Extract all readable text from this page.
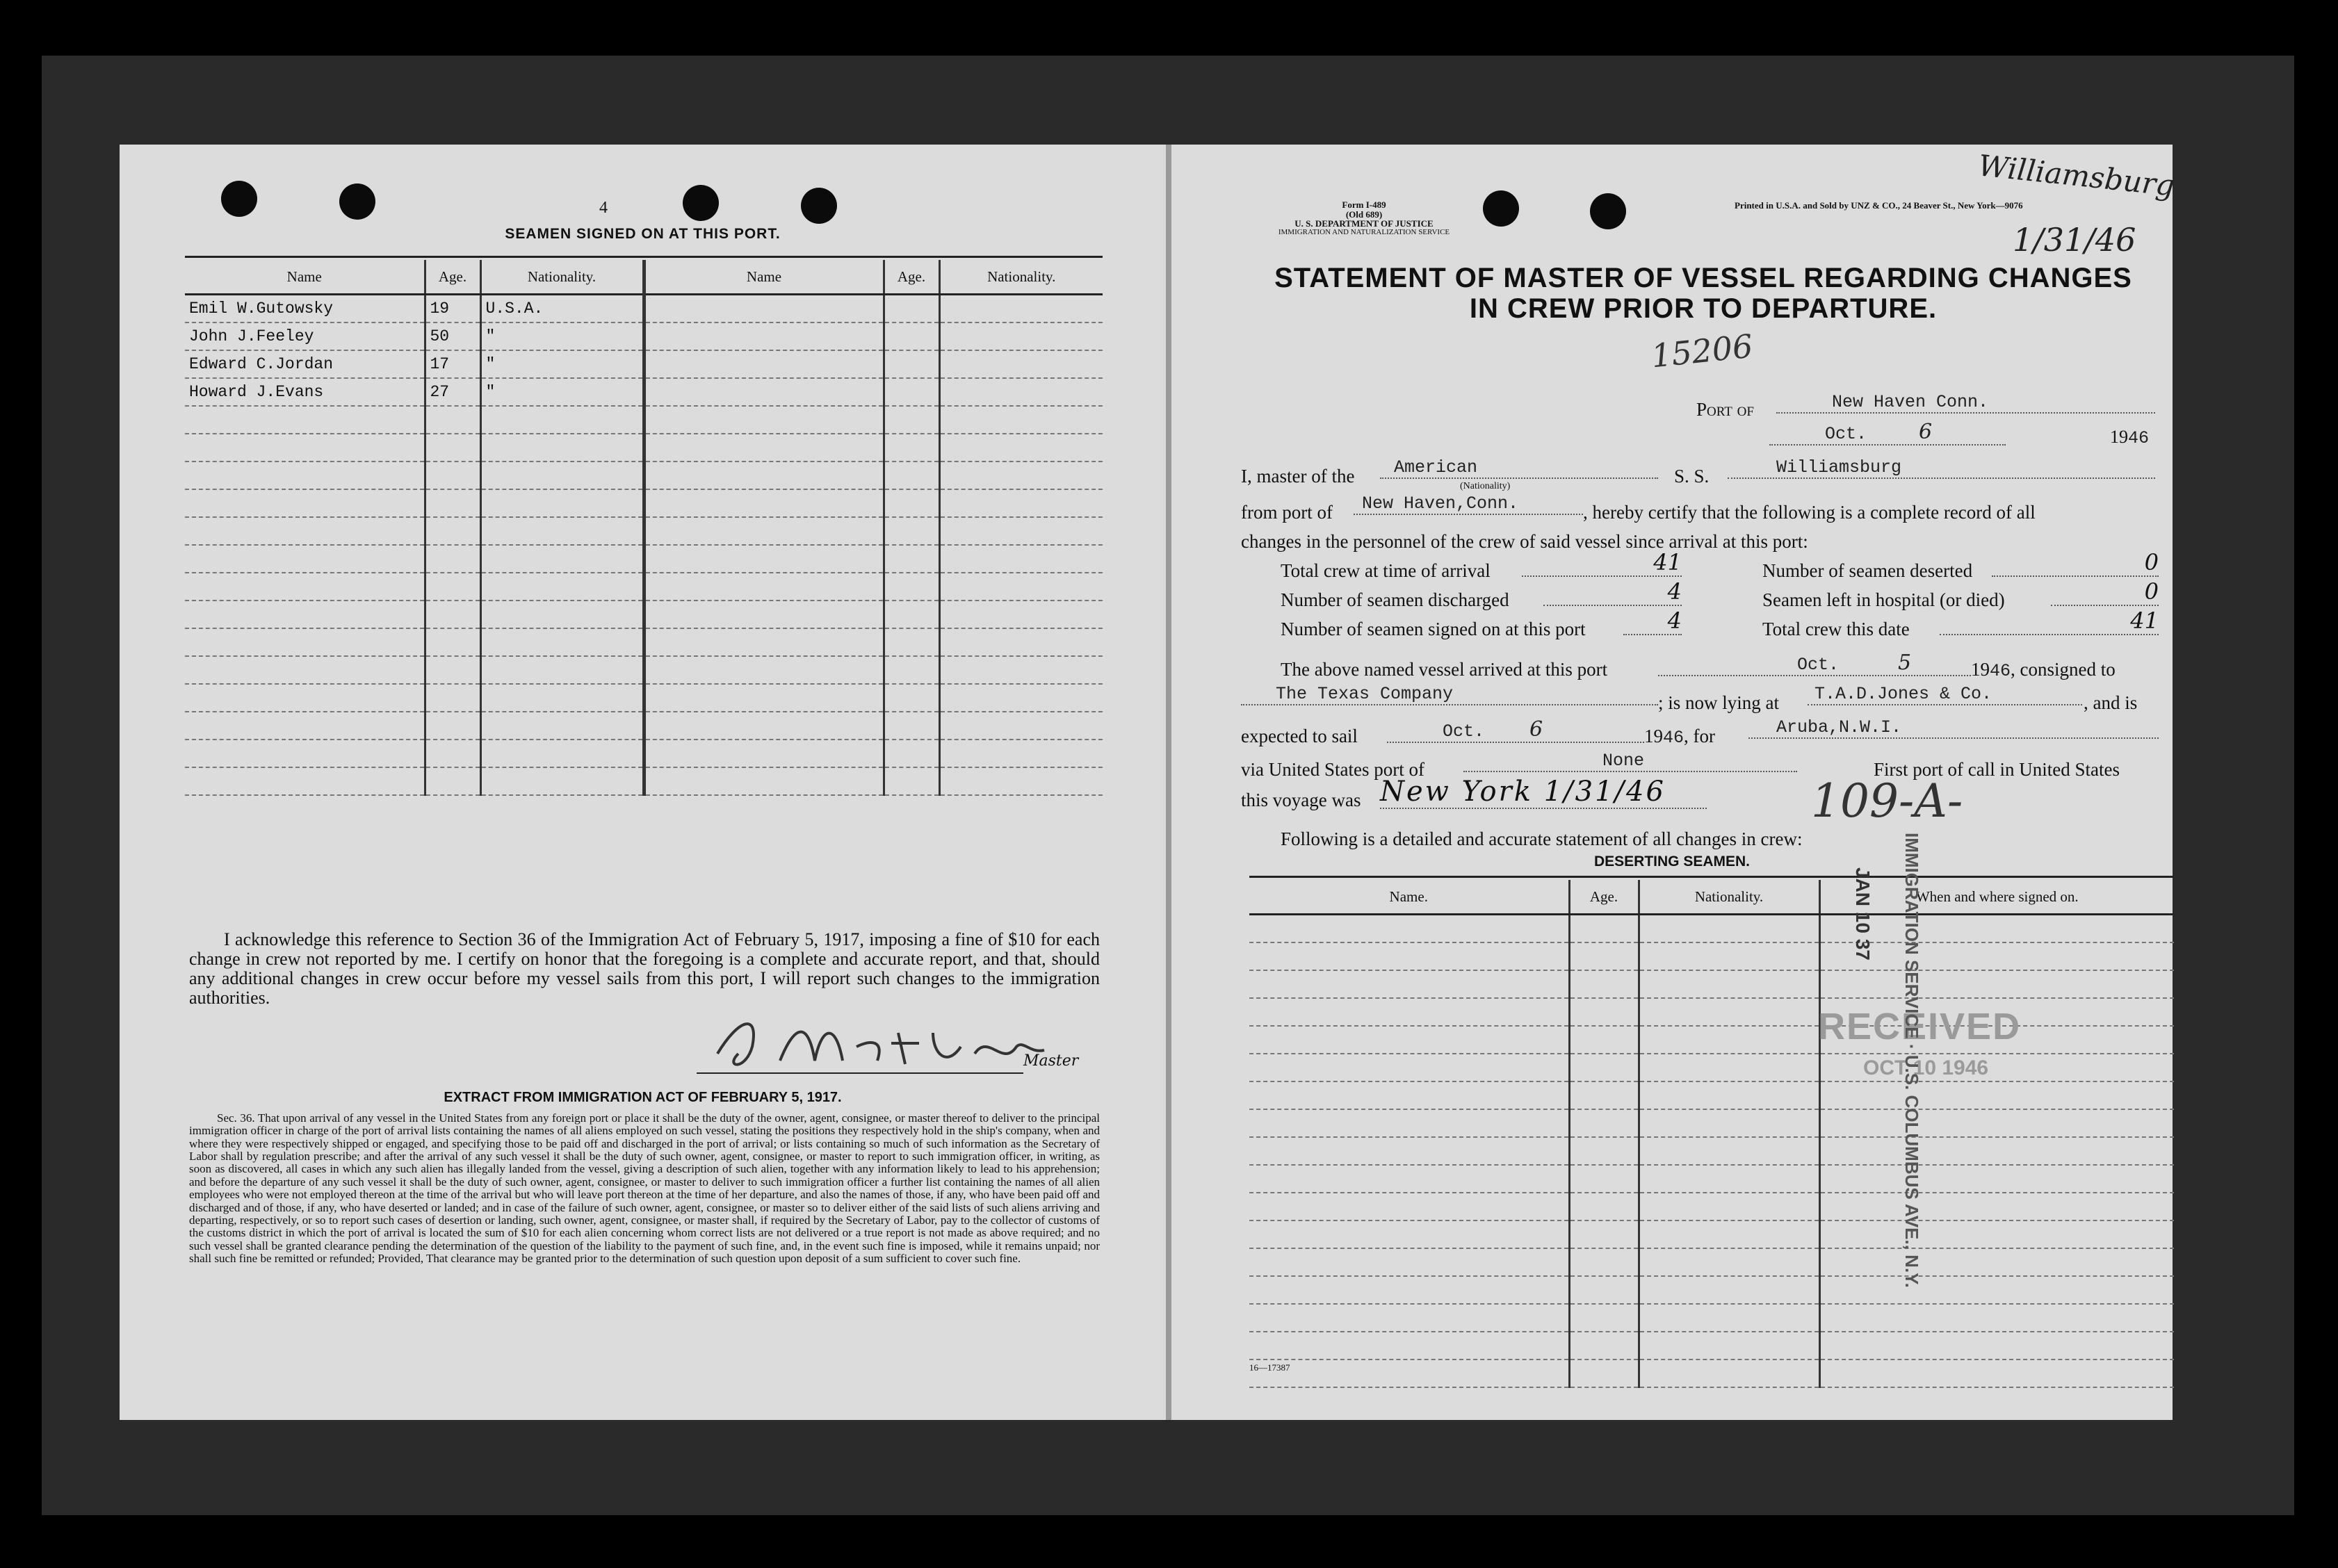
4
SEAMEN SIGNED ON AT THIS PORT.
Name	Age.	Nationality.	Name	Age.	Nationality.
Emil W.Gutowsky	19	U.S.A.			
John J.Feeley	50	"			
Edward C.Jordan	17	"			
Howard J.Evans	27	"			

I acknowledge this reference to Section 36 of the Immigration Act of February 5, 1917, imposing a fine of $10 for each change in crew not reported by me. I certify on honor that the foregoing is a complete and accurate report, and that, should any additional changes in crew occur before my vessel sails from this port, I will report such changes to the immigration authorities.
Master
EXTRACT FROM IMMIGRATION ACT OF FEBRUARY 5, 1917.
Sec. 36. That upon arrival of any vessel in the United States from any foreign port or place it shall be the duty of the owner, agent, consignee, or master thereof to deliver to the principal immigration officer in charge of the port of arrival lists containing the names of all aliens employed on such vessel, stating the positions they respectively hold in the ship's company, when and where they were respectively shipped or engaged, and specifying those to be paid off and discharged in the port of arrival; or lists containing so much of such information as the Secretary of Labor shall by regulation prescribe; and after the arrival of any such vessel it shall be the duty of such owner, agent, consignee, or master to report to such immigration officer, in writing, as soon as discovered, all cases in which any such alien has illegally landed from the vessel, giving a description of such alien, together with any information likely to lead to his apprehension; and before the departure of any such vessel it shall be the duty of such owner, agent, consignee, or master to deliver to such immigration officer a further list containing the names of all alien employees who were not employed thereon at the time of the arrival but who will leave port thereon at the time of her departure, and also the names of those, if any, who have been paid off and discharged and of those, if any, who have deserted or landed; and in case of the failure of such owner, agent, consignee, or master so to deliver either of the said lists of such aliens arriving and departing, respectively, or so to report such cases of desertion or landing, such owner, agent, consignee, or master shall, if required by the Secretary of Labor, pay to the collector of customs of the customs district in which the port of arrival is located the sum of $10 for each alien concerning whom correct lists are not delivered or a true report is not made as above required; and no such vessel shall be granted clearance pending the determination of the question of the liability to the payment of such fine, and, in the event such fine is imposed, while it remains unpaid; nor shall such fine be remitted or refunded; Provided, That clearance may be granted prior to the determination of such question upon deposit of a sum sufficient to cover such fine.
Form I-489
(Old 689)
U. S. DEPARTMENT OF JUSTICE
IMMIGRATION AND NATURALIZATION SERVICE
Printed in U.S.A. and Sold by UNZ & CO., 24 Beaver St., New York—9076
Williamsburg
1/31/46
STATEMENT OF MASTER OF VESSEL REGARDING CHANGES
IN CREW PRIOR TO DEPARTURE.
15206
Port of	New Haven Conn.
Oct.	6	1946
I, master of the	American
(Nationality)	S. S.	Williamsburg
from port of	New Haven,Conn.	, hereby certify that the following is a complete record of all
changes in the personnel of the crew of said vessel since arrival at this port:
Total crew at time of arrival	41
Number of seamen discharged	4
Number of seamen signed on at this port	4
Number of seamen deserted	0
Seamen left in hospital (or died)	0
Total crew this date	41
The above named vessel arrived at this port	Oct.	5	1946, consigned to
The Texas Company	; is now lying at	T.A.D.Jones & Co.	, and is
expected to sail	Oct. 6	1946, for	Aruba,N.W.I.
via United States port of	None	First port of call in United States
this voyage was New York 1/31/46	109-A-
Following is a detailed and accurate statement of all changes in crew:
DESERTING SEAMEN.
Name.	Age.	Nationality.	When and where signed on.

RECEIVED
OCT 10 1946
IMMIGRATION SERVICE · U.S. COLUMBUS AVE., N.Y.
JAN 10 37
16—17387
